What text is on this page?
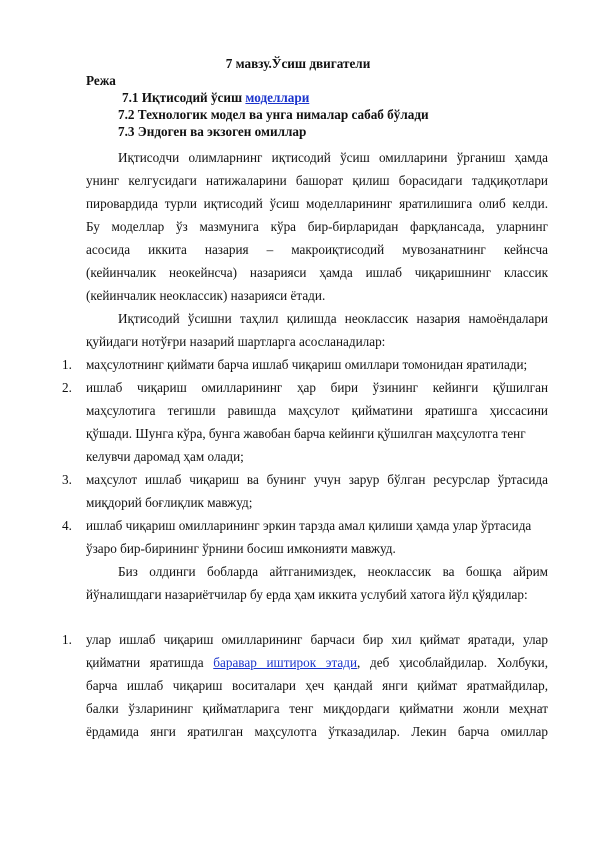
7 мавзу.Ўсиш двигатели
Режа
7.1 Иқтисодий ўсиш моделлари
7.2 Технологик модел ва унга нималар сабаб бўлади
7.3 Эндоген ва экзоген омиллар
Иқтисодчи олимларнинг иқтисодий ўсиш омилларини ўрганиш ҳамда
унинг келгусидаги натижаларини башорат қилиш борасидаги тадқиқотлари
пировардида турли иқтисодий ўсиш моделларининг яратилишига олиб келди.
Бу моделлар ўз мазмунига кўра бир-бирларидан фарқлансада, уларнинг
асосида иккита назария – макроиқтисодий мувозанатнинг кейнсча
(кейинчалик неокейнсча) назарияси ҳамда ишлаб чиқаришнинг классик
(кейинчалик неоклассик) назарияси ётади.
Иқтисодий ўсишни таҳлил қилишда неоклассик назария намоёндалари
қуйидаги нотўғри назарий шартларга асосланадилар:
1. маҳсулотнинг қиймати барча ишлаб чиқариш омиллари томонидан яратилади;
2. ишлаб чиқариш омилларининг ҳар бири ўзининг кейинги қўшилган
маҳсулотига тегишли равишда маҳсулот қийматини яратишга ҳиссасини
қўшади. Шунга кўра, бунга жавобан барча кейинги қўшилган маҳсулотга тенг
келувчи даромад ҳам олади;
3. маҳсулот ишлаб чиқариш ва бунинг учун зарур бўлган ресурслар ўртасида
миқдорий боғлиқлик мавжуд;
4. ишлаб чиқариш омилларининг эркин тарзда амал қилиши ҳамда улар ўртасида
ўзаро бир-бирининг ўрнини босиш имконияти мавжуд.
Биз олдинги бобларда айтганимиздек, неоклассик ва бошқа айрим
йўналишдаги назариётчилар бу ерда ҳам иккита услубий хатога йўл қўядилар:
1. улар ишлаб чиқариш омилларининг барчаси бир хил қиймат яратади, улар
қийматни яратишда баравар иштирок этади, деб ҳисоблайдилар. Холбуки,
барча ишлаб чиқариш воситалари ҳеч қандай янги қиймат яратмайдилар,
балки ўзларининг қийматларига тенг миқдордаги қийматни жонли меҳнат
ёрдамида янги яратилган маҳсулотга ўтказадилар. Лекин барча омиллар
